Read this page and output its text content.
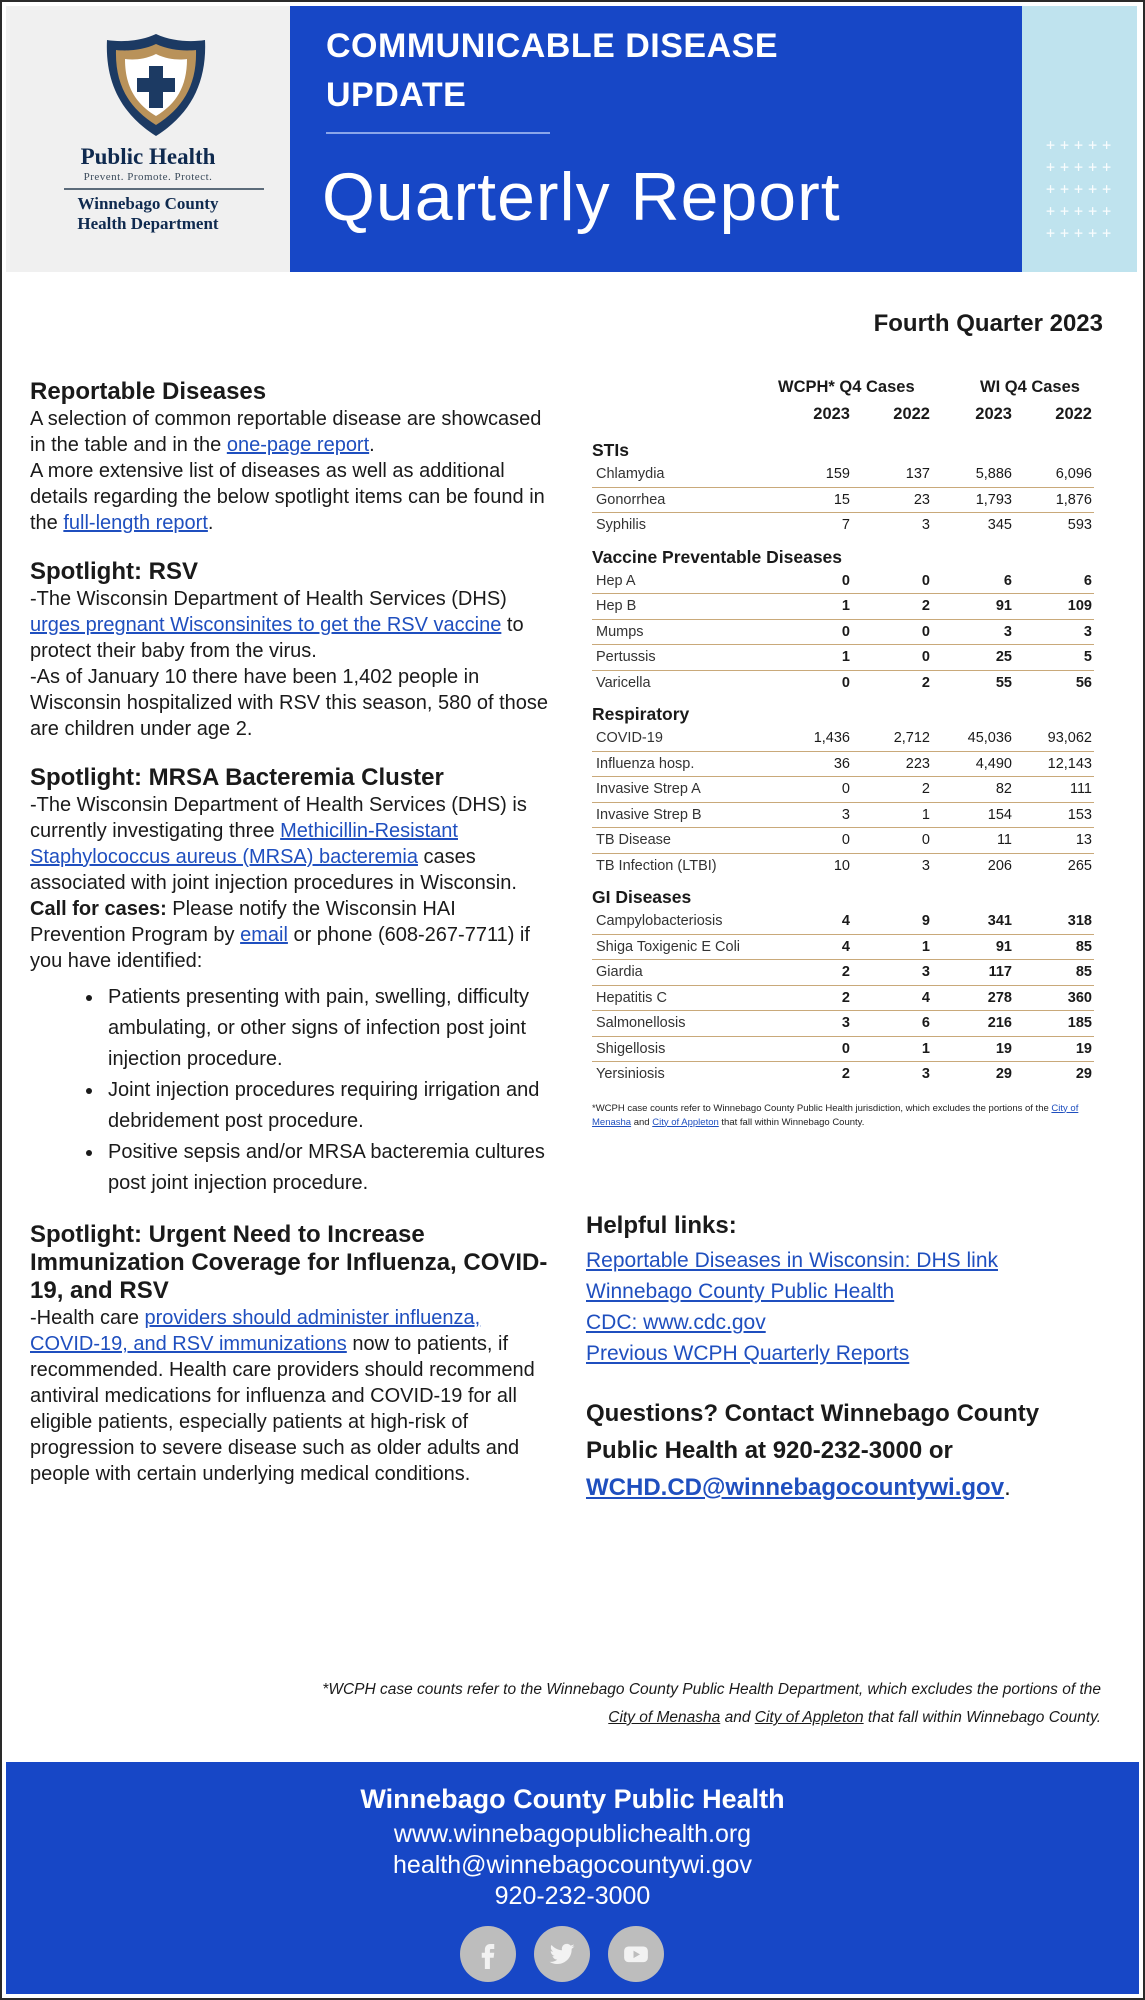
Public Health
Prevent. Promote. Protect.
Winnebago County
Health Department
COMMUNICABLE DISEASE
UPDATE
Quarterly Report
+++++
+++++
+++++
+++++
+++++
Fourth Quarter 2023
Reportable Diseases

A selection of common reportable disease are showcased in the table and in the one-page report.

A more extensive list of diseases as well as additional details regarding the below spotlight items can be found in the full-length report.

Spotlight: RSV

-The Wisconsin Department of Health Services (DHS) urges pregnant Wisconsinites to get the RSV vaccine to protect their baby from the virus.

-As of January 10 there have been 1,402 people in Wisconsin hospitalized with RSV this season, 580 of those are children under age 2.

Spotlight: MRSA Bacteremia Cluster

-The Wisconsin Department of Health Services (DHS) is currently investigating three Methicillin-Resistant Staphylococcus aureus (MRSA) bacteremia cases associated with joint injection procedures in Wisconsin.

Call for cases: Please notify the Wisconsin HAI Prevention Program by email or phone (608-267-7711) if you have identified:

• Patients presenting with pain, swelling, difficulty ambulating, or other signs of infection post joint injection procedure.
• Joint injection procedures requiring irrigation and debridement post procedure.
• Positive sepsis and/or MRSA bacteremia cultures post joint injection procedure.
Spotlight: Urgent Need to Increase Immunization Coverage for Influenza, COVID-19, and RSV

-Health care providers should administer influenza, COVID-19, and RSV immunizations now to patients, if recommended. Health care providers should recommend antiviral medications for influenza and COVID-19 for all eligible patients, especially patients at high-risk of progression to severe disease such as older adults and people with certain underlying medical conditions.

WCPH* Q4 Cases	WI Q4 Cases
2023	2022	2023	2022
STIs
Chlamydia	159	137	5,886	6,096
Gonorrhea	15	23	1,793	1,876
Syphilis	7	3	345	593
Vaccine Preventable Diseases
Hep A	0	0	6	6
Hep B	1	2	91	109
Mumps	0	0	3	3
Pertussis	1	0	25	5
Varicella	0	2	55	56
Respiratory
COVID-19	1,436	2,712	45,036	93,062
Influenza hosp.	36	223	4,490	12,143
Invasive Strep A	0	2	82	111
Invasive Strep B	3	1	154	153
TB Disease	0	0	11	13
TB Infection (LTBI)	10	3	206	265
GI Diseases
Campylobacteriosis	4	9	341	318
Shiga Toxigenic E Coli	4	1	91	85
Giardia	2	3	117	85
Hepatitis C	2	4	278	360
Salmonellosis	3	6	216	185
Shigellosis	0	1	19	19
Yersiniosis	2	3	29	29
*WCPH case counts refer to Winnebago County Public Health jurisdiction, which excludes the portions of the City of Menasha and City of Appleton that fall within Winnebago County.
Helpful links:
Reportable Diseases in Wisconsin: DHS link
Winnebago County Public Health
CDC: www.cdc.gov
Previous WCPH Quarterly Reports
Questions? Contact Winnebago County Public Health at 920-232-3000 or WCHD.CD@winnebagocountywi.gov.
*WCPH case counts refer to the Winnebago County Public Health Department, which excludes the portions of the City of Menasha and City of Appleton that fall within Winnebago County.
Winnebago County Public Health
www.winnebagopublichealth.org
health@winnebagocountywi.gov
920-232-3000
